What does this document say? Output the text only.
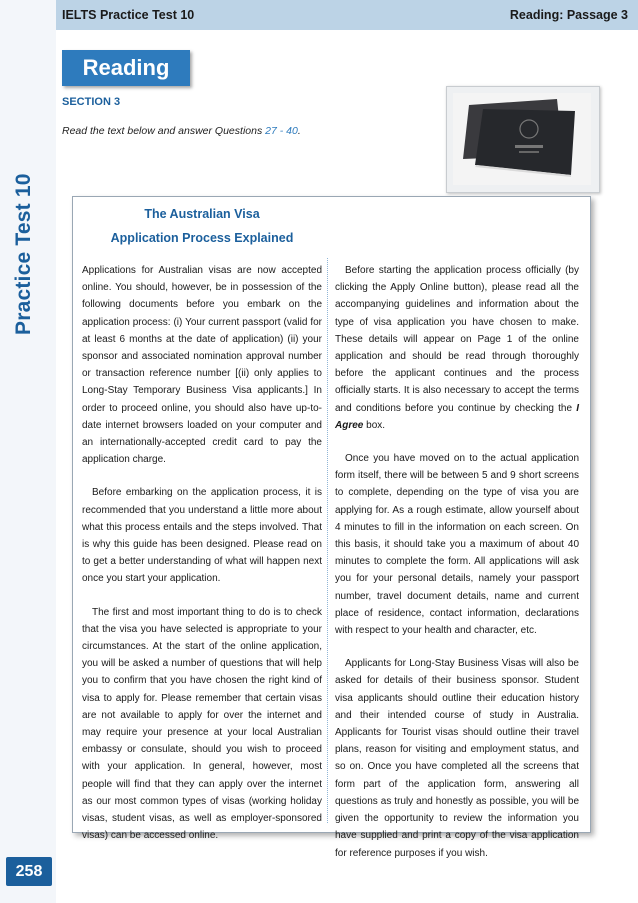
Practice Test 10
258
IELTS Practice Test 10	Reading: Passage 3
Reading
SECTION 3
Read the text below and answer Questions 27 - 40.
The Australian Visa
Application Process Explained

Applications for Australian visas are now accepted online. You should, however, be in possession of the following documents before you embark on the application process: (i) Your current passport (valid for at least 6 months at the date of application) (ii) your sponsor and associated nomination approval number or transaction reference number [(ii) only applies to Long-Stay Temporary Business Visa applicants.] In order to proceed online, you should also have up-to-date internet browsers loaded on your computer and an internationally-accepted credit card to pay the application charge.

Before embarking on the application process, it is recommended that you understand a little more about what this process entails and the steps involved. That is why this guide has been designed. Please read on to get a better understanding of what will happen next once you start your application.

The first and most important thing to do is to check that the visa you have selected is appropriate to your circumstances. At the start of the online application, you will be asked a number of questions that will help you to confirm that you have chosen the right kind of visa to apply for. Please remember that certain visas are not available to apply for over the internet and may require your presence at your local Australian embassy or consulate, should you wish to proceed with your application. In general, however, most people will find that they can apply over the internet as our most common types of visas (working holiday visas, student visas, as well as employer-sponsored visas) can be accessed online.

Before starting the application process officially (by clicking the Apply Online button), please read all the accompanying guidelines and information about the type of visa application you have chosen to make. These details will appear on Page 1 of the online application and should be read through thoroughly before the applicant continues and the process officially starts. It is also necessary to accept the terms and conditions before you continue by checking the I Agree box.

Once you have moved on to the actual application form itself, there will be between 5 and 9 short screens to complete, depending on the type of visa you are applying for. As a rough estimate, allow yourself about 4 minutes to fill in the information on each screen. On this basis, it should take you a maximum of about 40 minutes to complete the form. All applications will ask you for your personal details, namely your passport number, travel document details, name and current place of residence, contact information, declarations with respect to your health and character, etc.

Applicants for Long-Stay Business Visas will also be asked for details of their business sponsor. Student visa applicants should outline their education history and their intended course of study in Australia. Applicants for Tourist visas should outline their travel plans, reason for visiting and employment status, and so on. Once you have completed all the screens that form part of the application form, answering all questions as truly and honestly as possible, you will be given the opportunity to review the information you have supplied and print a copy of the visa application for reference purposes if you wish.
